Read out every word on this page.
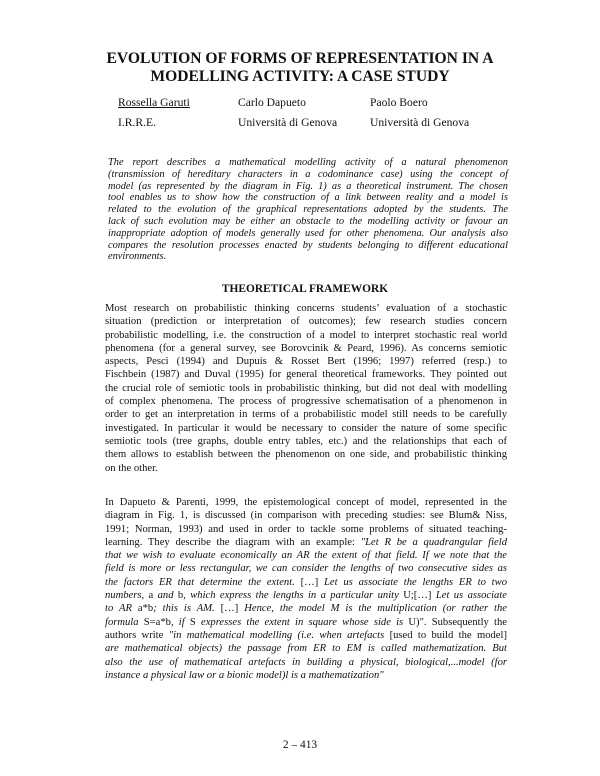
EVOLUTION OF FORMS OF REPRESENTATION IN A
MODELLING ACTIVITY: A CASE STUDY
Rossella Garuti	Carlo Dapueto	Paolo Boero
I.R.R.E.	Università di Genova	Università di Genova
The report describes a mathematical modelling activity of a natural phenomenon
(transmission of hereditary characters in a codominance case) using the concept of
model (as represented by the diagram in Fig. 1) as a theoretical instrument. The chosen
tool enables us to show how the construction of a link between reality and a model is
related to the evolution of the graphical representations adopted by the students. The
lack of such evolution may be either an obstacle to the modelling activity or favour an
inappropriate adoption of models generally used for other phenomena. Our analysis also
compares the resolution processes enacted by students belonging to different educational
environments.
THEORETICAL FRAMEWORK
Most research on probabilistic thinking concerns students’ evaluation of a stochastic
situation (prediction or interpretation of outcomes); few research studies concern
probabilistic modelling, i.e. the construction of a model to interpret stochastic real world
phenomena (for a general survey, see Borovcinik & Peard, 1996). As concerns semiotic
aspects, Pesci (1994) and Dupuis & Rosset Bert (1996; 1997) referred (resp.) to
Fischbein (1987) and Duval (1995) for general theoretical frameworks. They pointed out
the crucial role of semiotic tools in probabilistic thinking, but did not deal with modelling
of complex phenomena. The process of progressive schematisation of a phenomenon in
order to get an interpretation in terms of a probabilistic model still needs to be carefully
investigated. In particular it would be necessary to consider the nature of some specific
semiotic tools (tree graphs, double entry tables, etc.) and the relationships that each of
them allows to establish between the phenomenon on one side, and probabilistic thinking
on the other.
In Dapueto & Parenti, 1999, the epistemological concept of model, represented in the
diagram in Fig. 1, is discussed (in comparison with preceding studies: see Blum& Niss,
1991; Norman, 1993) and used in order to tackle some problems of situated teaching-
learning. They describe the diagram with an example: "Let R be a quadrangular field
that we wish to evaluate economically an AR the extent of that field. If we note that the
field is more or less rectangular, we can consider the lengths of two consecutive sides as
the factors ER that determine the extent. […] Let us associate the lengths ER to two
numbers, a and b, which express the lengths in a particular unity U;[…] Let us associate
to AR a*b; this is AM. […] Hence, the model M is the multiplication (or rather the
formula S=a*b, if S expresses the extent in square whose side is U)". Subsequently the
authors write "in mathematical modelling (i.e. when artefacts [used to build the model]
are mathematical objects) the passage from ER to EM is called mathematization. But
also the use of mathematical artefacts in building a physical, biological,...model (for
instance a physical law or a bionic model)l is a mathematization"
2 – 413
